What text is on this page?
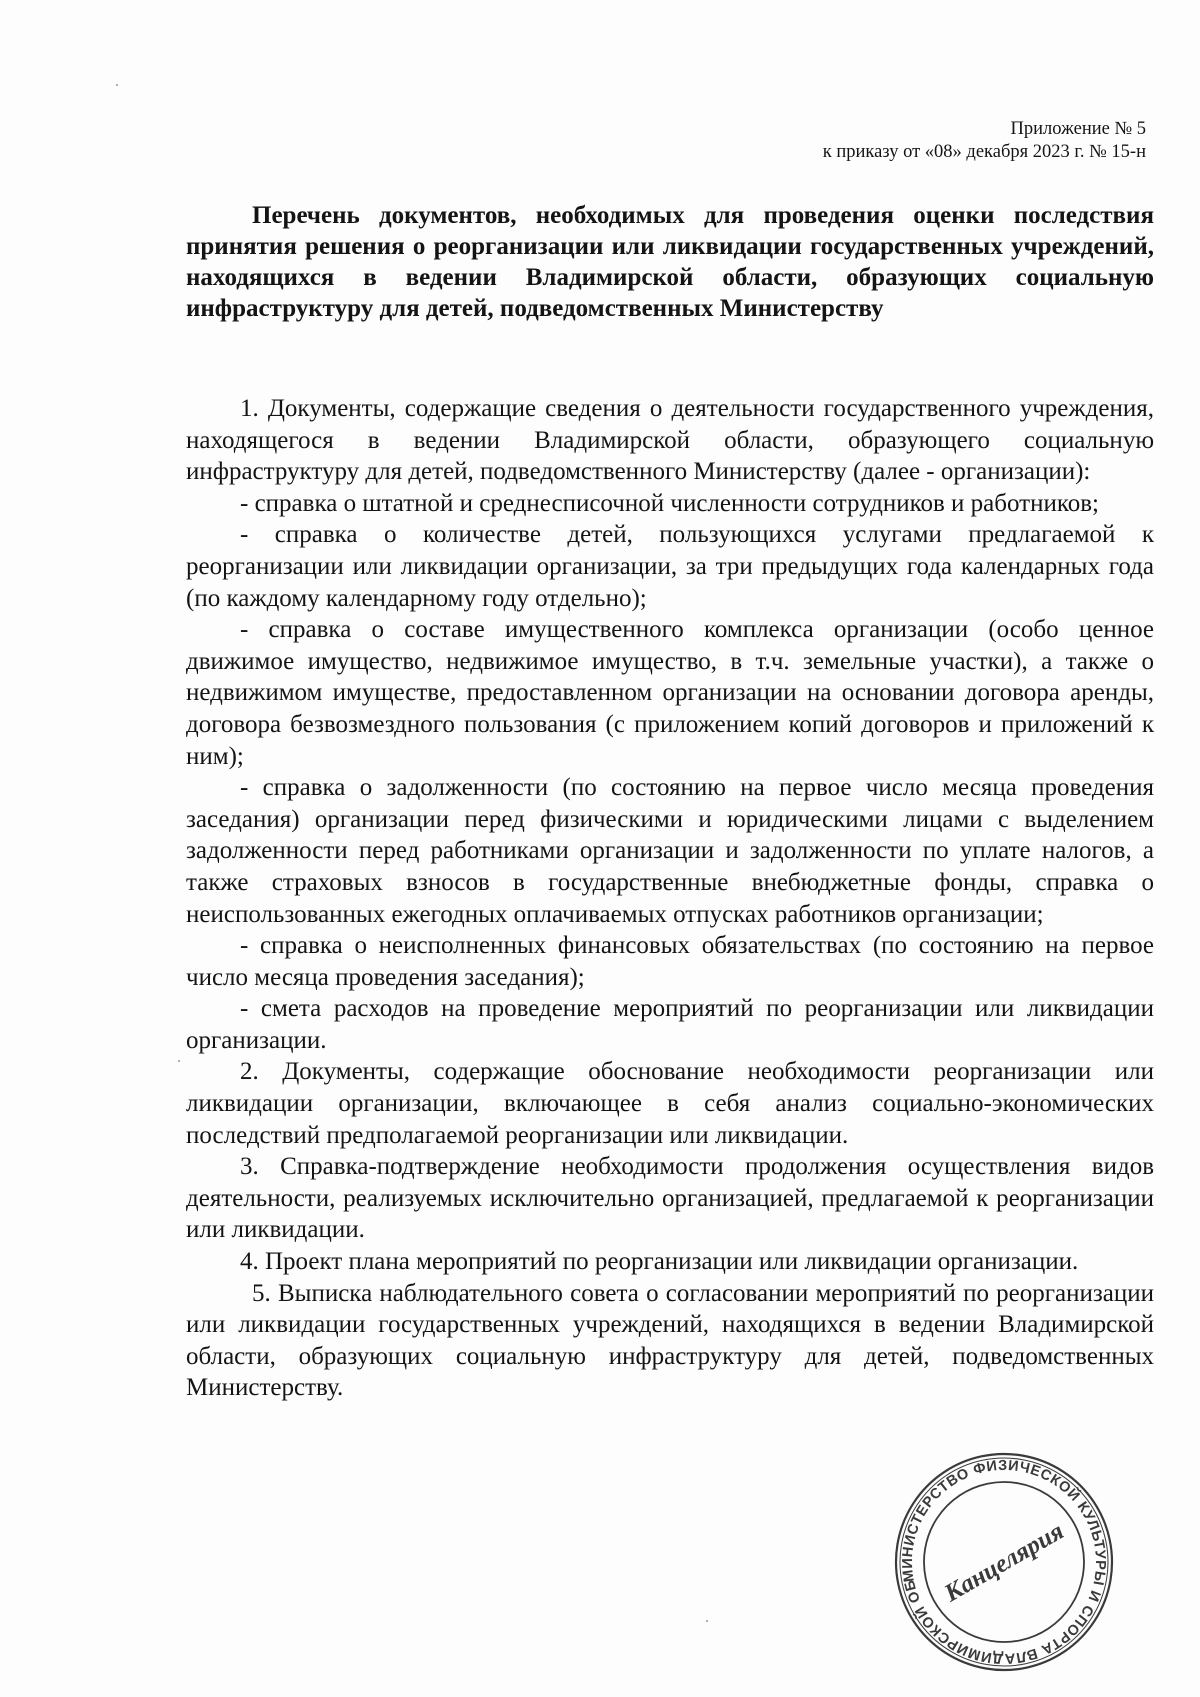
Приложение № 5
к приказу от «08» декабря 2023 г. № 15-н
Перечень документов, необходимых для проведения оценки последствия принятия решения о реорганизации или ликвидации государственных учреждений, находящихся в ведении Владимирской области, образующих социальную инфраструктуру для детей, подведомственных Министерству

1. Документы, содержащие сведения о деятельности государственного учреждения, находящегося в ведении Владимирской области, образующего социальную инфраструктуру для детей, подведомственного Министерству (далее - организации):

- справка о штатной и среднесписочной численности сотрудников и работников;

- справка о количестве детей, пользующихся услугами предлагаемой к реорганизации или ликвидации организации, за три предыдущих года календарных года (по каждому календарному году отдельно);

- справка о составе имущественного комплекса организации (особо ценное движимое имущество, недвижимое имущество, в т.ч. земельные участки), а также о недвижимом имуществе, предоставленном организации на основании договора аренды, договора безвозмездного пользования (с приложением копий договоров и приложений к ним);

- справка о задолженности (по состоянию на первое число месяца проведения заседания) организации перед физическими и юридическими лицами с выделением задолженности перед работниками организации и задолженности по уплате налогов, а также страховых взносов в государственные внебюджетные фонды, справка о неиспользованных ежегодных оплачиваемых отпусках работников организации;

- справка о неисполненных финансовых обязательствах (по состоянию на первое число месяца проведения заседания);

- смета расходов на проведение мероприятий по реорганизации или ликвидации организации.

2. Документы, содержащие обоснование необходимости реорганизации или ликвидации организации, включающее в себя анализ социально-экономических последствий предполагаемой реорганизации или ликвидации.

3. Справка-подтверждение необходимости продолжения осуществления видов деятельности, реализуемых исключительно организацией, предлагаемой к реорганизации или ликвидации.

4. Проект плана мероприятий по реорганизации или ликвидации организации.

5. Выписка наблюдательного совета о согласовании мероприятий по реорганизации или ликвидации государственных учреждений, находящихся в ведении Владимирской области, образующих социальную инфраструктуру для детей, подведомственных Министерству.

МИНИСТЕРСТВО ФИЗИЧЕСКОЙ КУЛЬТУРЫ И СПОРТА ВЛАДИМИРСКОЙ ОБЛАСТИ
Канцелярия
